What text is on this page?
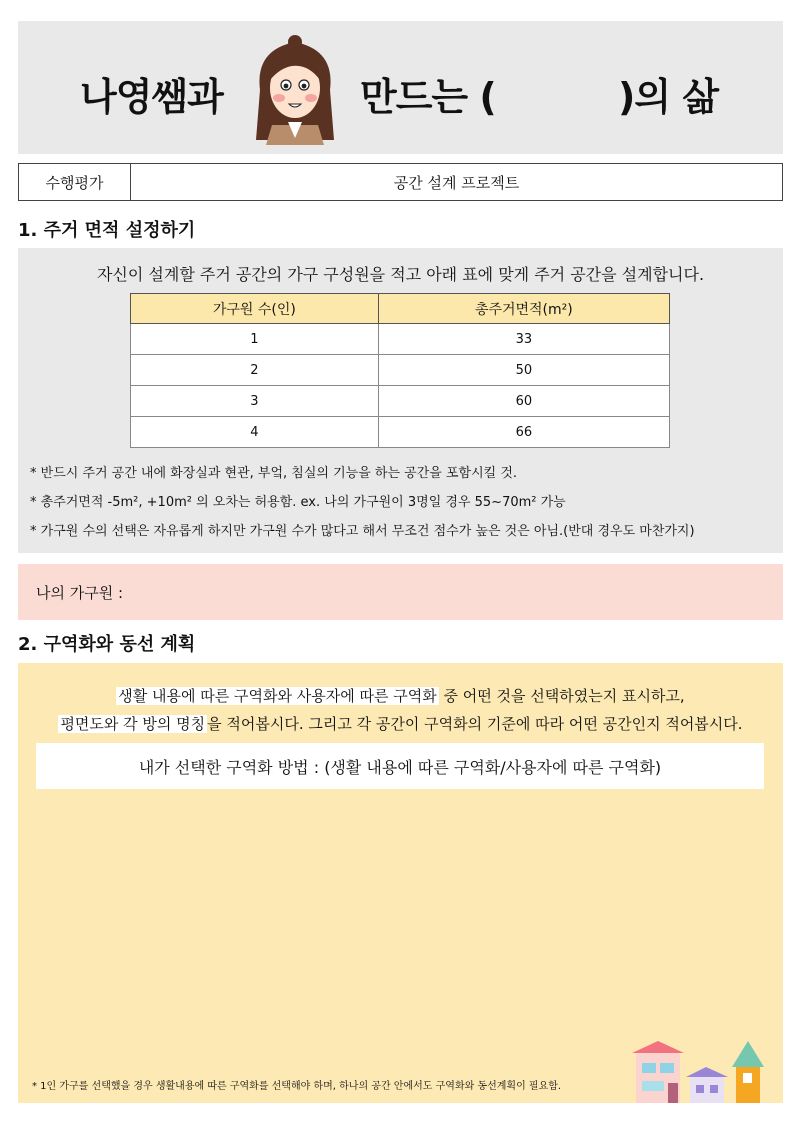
나영쌤과	만드는 (          )의 삶
수행평가	공간 설계 프로젝트
1. 주거 면적 설정하기
자신이 설계할 주거 공간의 가구 구성원을 적고 아래 표에 맞게 주거 공간을 설계합니다.
가구원 수(인)	총주거면적(m²)
1	33
2	50
3	60
4	66
* 반드시 주거 공간 내에 화장실과 현관, 부엌, 침실의 기능을 하는 공간을 포함시킬 것.
* 총주거면적 -5m², +10m² 의 오차는 허용함. ex. 나의 가구원이 3명일 경우 55~70m² 가능
* 가구원 수의 선택은 자유롭게 하지만 가구원 수가 많다고 해서 무조건 점수가 높은 것은 아님.(반대 경우도 마찬가지)
나의 가구원 :
2. 구역화와 동선 계획
생활 내용에 따른 구역화와 사용자에 따른 구역화 중 어떤 것을 선택하였는지 표시하고,
평면도와 각 방의 명칭 을 적어봅시다. 그리고 각 공간이 구역화의 기준에 따라 어떤 공간인지 적어봅시다.
내가 선택한 구역화 방법 : (생활 내용에 따른 구역화/사용자에 따른 구역화)
* 1인 가구를 선택했을 경우 생활내용에 따른 구역화를 선택해야 하며, 하나의 공간 안에서도 구역화와 동선계획이 필요함.
